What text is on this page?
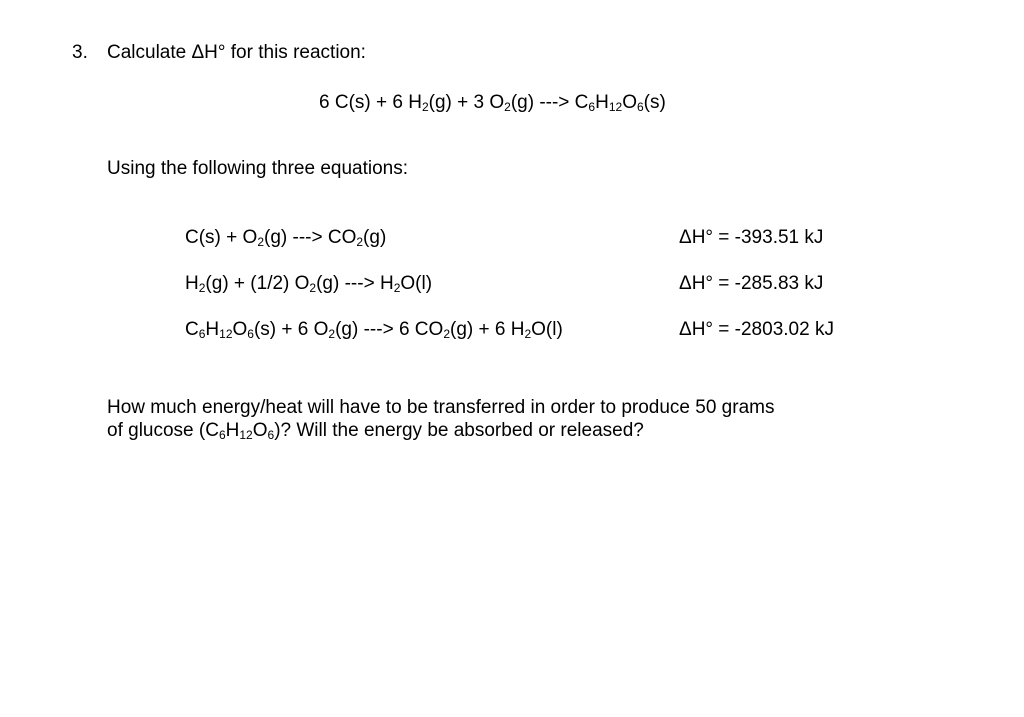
3. Calculate ΔH° for this reaction:
6 C(s) + 6 $H_2(g) + 3$ $O_2(g)$ ---> $C_6H_{12}O_6(s)$
Using the following three equations:
$C(s) + O_2(g)$ ---> $CO_2(g)$	ΔH° = -393.51 kJ
$H_2(g) + (1/2)$ $O_2(g)$ ---> $H_2O(l)$	ΔH° = -285.83 kJ
$C_6H_{12}O_6(s) + 6$ $O_2(g)$ ---> 6 $CO_2(g) + 6$ $H_2O(l)$	ΔH° = -2803.02 kJ
How much energy/heat will have to be transferred in order to produce 50 grams
of glucose $(C_6H_{12}O_6)$? Will the energy be absorbed or released?
